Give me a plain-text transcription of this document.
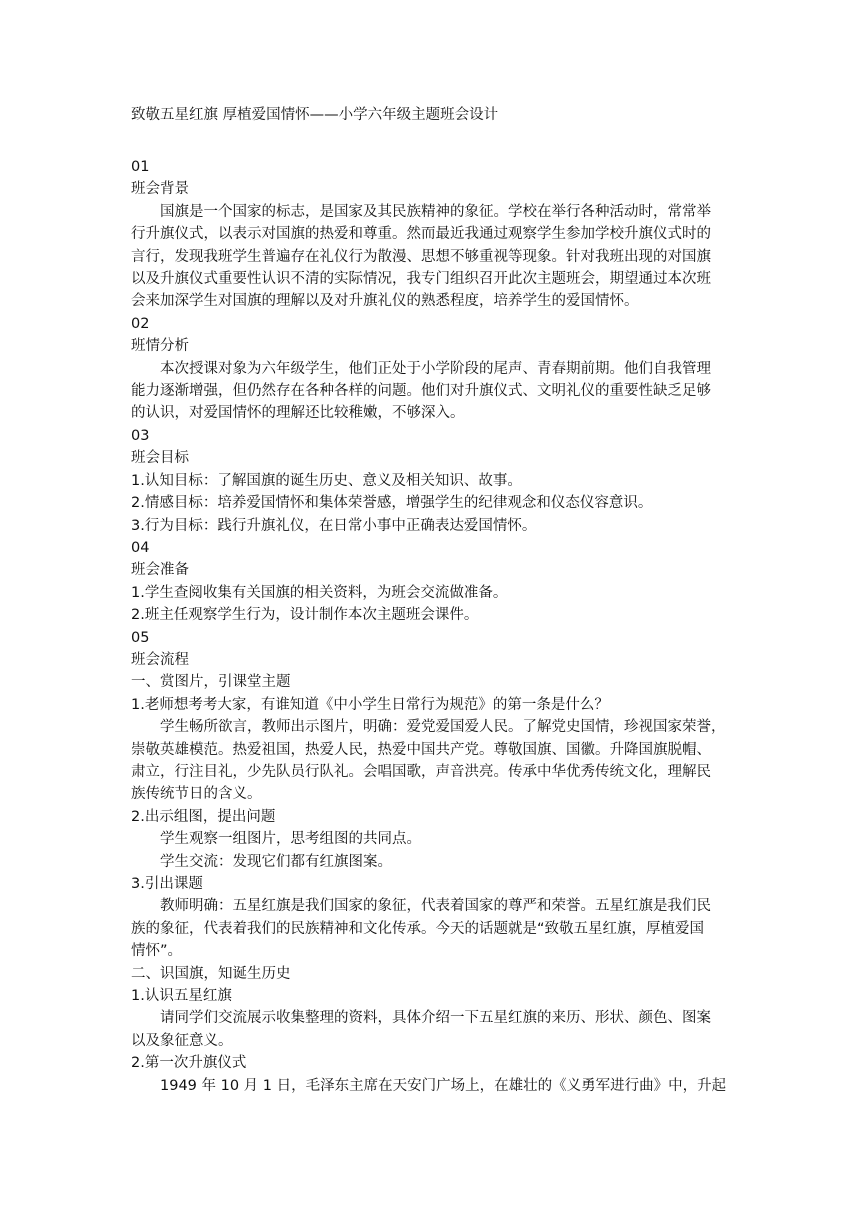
致敬五星红旗 厚植爱国情怀——小学六年级主题班会设计

01

班会背景

国旗是一个国家的标志，是国家及其民族精神的象征。学校在举行各种活动时，常常举
行升旗仪式，以表示对国旗的热爱和尊重。然而最近我通过观察学生参加学校升旗仪式时的
言行，发现我班学生普遍存在礼仪行为散漫、思想不够重视等现象。针对我班出现的对国旗
以及升旗仪式重要性认识不清的实际情况，我专门组织召开此次主题班会，期望通过本次班
会来加深学生对国旗的理解以及对升旗礼仪的熟悉程度，培养学生的爱国情怀。

02

班情分析

本次授课对象为六年级学生，他们正处于小学阶段的尾声、青春期前期。他们自我管理
能力逐渐增强，但仍然存在各种各样的问题。他们对升旗仪式、文明礼仪的重要性缺乏足够
的认识，对爱国情怀的理解还比较稚嫩，不够深入。

03

班会目标

1.认知目标：了解国旗的诞生历史、意义及相关知识、故事。

2.情感目标：培养爱国情怀和集体荣誉感，增强学生的纪律观念和仪态仪容意识。

3.行为目标：践行升旗礼仪，在日常小事中正确表达爱国情怀。

04

班会准备

1.学生查阅收集有关国旗的相关资料，为班会交流做准备。

2.班主任观察学生行为，设计制作本次主题班会课件。

05

班会流程

一、赏图片，引课堂主题

1.老师想考考大家，有谁知道《中小学生日常行为规范》的第一条是什么？

学生畅所欲言，教师出示图片，明确：爱党爱国爱人民。了解党史国情，珍视国家荣誉，
崇敬英雄模范。热爱祖国，热爱人民，热爱中国共产党。尊敬国旗、国徽。升降国旗脱帽、
肃立，行注目礼，少先队员行队礼。会唱国歌，声音洪亮。传承中华优秀传统文化，理解民
族传统节日的含义。

2.出示组图，提出问题

学生观察一组图片，思考组图的共同点。

学生交流：发现它们都有红旗图案。

3.引出课题

教师明确：五星红旗是我们国家的象征，代表着国家的尊严和荣誉。五星红旗是我们民
族的象征，代表着我们的民族精神和文化传承。今天的话题就是“致敬五星红旗，厚植爱国
情怀”。

二、识国旗，知诞生历史

1.认识五星红旗

请同学们交流展示收集整理的资料，具体介绍一下五星红旗的来历、形状、颜色、图案
以及象征意义。

2.第一次升旗仪式

1949 年 10 月 1 日，毛泽东主席在天安门广场上，在雄壮的《义勇军进行曲》中，升起
